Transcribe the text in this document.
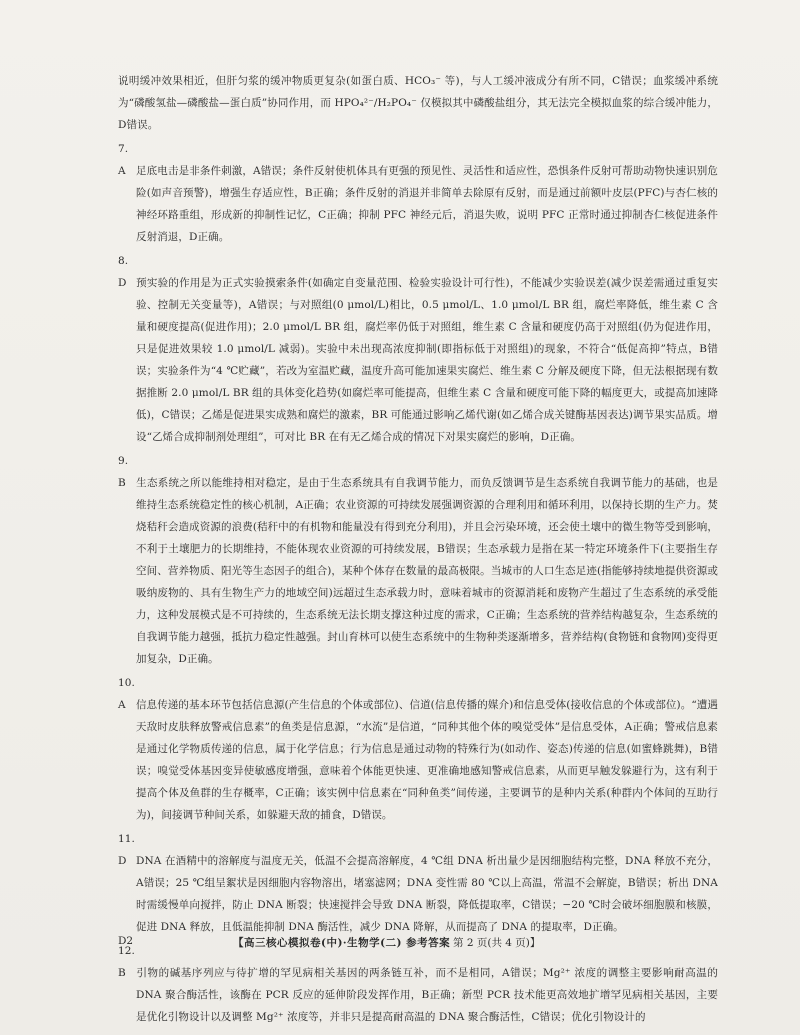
说明缓冲效果相近，但肝匀浆的缓冲物质更复杂(如蛋白质、HCO₃⁻ 等)，与人工缓冲液成分有所不同，C错误；血浆缓冲系统为“磷酸氢盐—磷酸盐—蛋白质”协同作用，而 HPO₄²⁻/H₂PO₄⁻ 仅模拟其中磷酸盐组分，其无法完全模拟血浆的综合缓冲能力，D错误。

7. A 足底电击是非条件刺激，A错误；条件反射使机体具有更强的预见性、灵活性和适应性，恐惧条件反射可帮助动物快速识别危险(如声音预警)，增强生存适应性，B正确；条件反射的消退并非简单去除原有反射，而是通过前额叶皮层(PFC)与杏仁核的神经环路重组，形成新的抑制性记忆，C正确；抑制 PFC 神经元后，消退失败，说明 PFC 正常时通过抑制杏仁核促进条件反射消退，D正确。

8. D 预实验的作用是为正式实验摸索条件(如确定自变量范围、检验实验设计可行性)，不能减少实验误差(减少误差需通过重复实验、控制无关变量等)，A错误；与对照组(0 μmol/L)相比，0.5 μmol/L、1.0 μmol/L BR 组，腐烂率降低，维生素 C 含量和硬度提高(促进作用)；2.0 μmol/L BR 组，腐烂率仍低于对照组，维生素 C 含量和硬度仍高于对照组(仍为促进作用，只是促进效果较 1.0 μmol/L 减弱)。实验中未出现高浓度抑制(即指标低于对照组)的现象，不符合“低促高抑”特点，B错误；实验条件为“4 ℃贮藏”，若改为室温贮藏，温度升高可能加速果实腐烂、维生素 C 分解及硬度下降，但无法根据现有数据推断 2.0 μmol/L BR 组的具体变化趋势(如腐烂率可能提高，但维生素 C 含量和硬度可能下降的幅度更大，或提高加速降低)，C错误；乙烯是促进果实成熟和腐烂的激素，BR 可能通过影响乙烯代谢(如乙烯合成关键酶基因表达)调节果实品质。增设“乙烯合成抑制剂处理组”，可对比 BR 在有无乙烯合成的情况下对果实腐烂的影响，D正确。

9. B 生态系统之所以能维持相对稳定，是由于生态系统具有自我调节能力，而负反馈调节是生态系统自我调节能力的基础，也是维持生态系统稳定性的核心机制，A正确；农业资源的可持续发展强调资源的合理利用和循环利用，以保持长期的生产力。焚烧秸秆会造成资源的浪费(秸秆中的有机物和能量没有得到充分利用)，并且会污染环境，还会使土壤中的微生物等受到影响，不利于土壤肥力的长期维持，不能体现农业资源的可持续发展，B错误；生态承载力是指在某一特定环境条件下(主要指生存空间、营养物质、阳光等生态因子的组合)，某种个体存在数量的最高极限。当城市的人口生态足迹(指能够持续地提供资源或吸纳废物的、具有生物生产力的地域空间)远超过生态承载力时，意味着城市的资源消耗和废物产生超过了生态系统的承受能力，这种发展模式是不可持续的，生态系统无法长期支撑这种过度的需求，C正确；生态系统的营养结构越复杂，生态系统的自我调节能力越强，抵抗力稳定性越强。封山育林可以使生态系统中的生物种类逐渐增多，营养结构(食物链和食物网)变得更加复杂，D正确。

10. A 信息传递的基本环节包括信息源(产生信息的个体或部位)、信道(信息传播的媒介)和信息受体(接收信息的个体或部位)。“遭遇天敌时皮肤释放警戒信息素”的鱼类是信息源，“水流”是信道，“同种其他个体的嗅觉受体”是信息受体，A正确；警戒信息素是通过化学物质传递的信息，属于化学信息；行为信息是通过动物的特殊行为(如动作、姿态)传递的信息(如蜜蜂跳舞)，B错误；嗅觉受体基因变异使敏感度增强，意味着个体能更快速、更准确地感知警戒信息素，从而更早触发躲避行为，这有利于提高个体及鱼群的生存概率，C正确；该实例中信息素在“同种鱼类”间传递，主要调节的是种内关系(种群内个体间的互助行为)，间接调节种间关系，如躲避天敌的捕食，D错误。

11. D DNA 在酒精中的溶解度与温度无关，低温不会提高溶解度，4 ℃组 DNA 析出量少是因细胞结构完整，DNA 释放不充分，A错误；25 ℃组呈絮状是因细胞内容物溶出，堵塞滤网；DNA 变性需 80 ℃以上高温，常温不会解旋，B错误；析出 DNA 时需缓慢单向搅拌，防止 DNA 断裂；快速搅拌会导致 DNA 断裂，降低提取率，C错误；−20 ℃时会破坏细胞膜和核膜，促进 DNA 释放，且低温能抑制 DNA 酶活性，减少 DNA 降解，从而提高了 DNA 的提取率，D正确。

12. B 引物的碱基序列应与待扩增的罕见病相关基因的两条链互补，而不是相同，A错误；Mg²⁺ 浓度的调整主要影响耐高温的 DNA 聚合酶活性，该酶在 PCR 反应的延伸阶段发挥作用，B正确；新型 PCR 技术能更高效地扩增罕见病相关基因，主要是优化引物设计以及调整 Mg²⁺ 浓度等，并非只是提高耐高温的 DNA 聚合酶活性，C错误；优化引物设计的

D2	【高三核心模拟卷(中)·生物学(二) 参考答案 第 2 页(共 4 页)】
